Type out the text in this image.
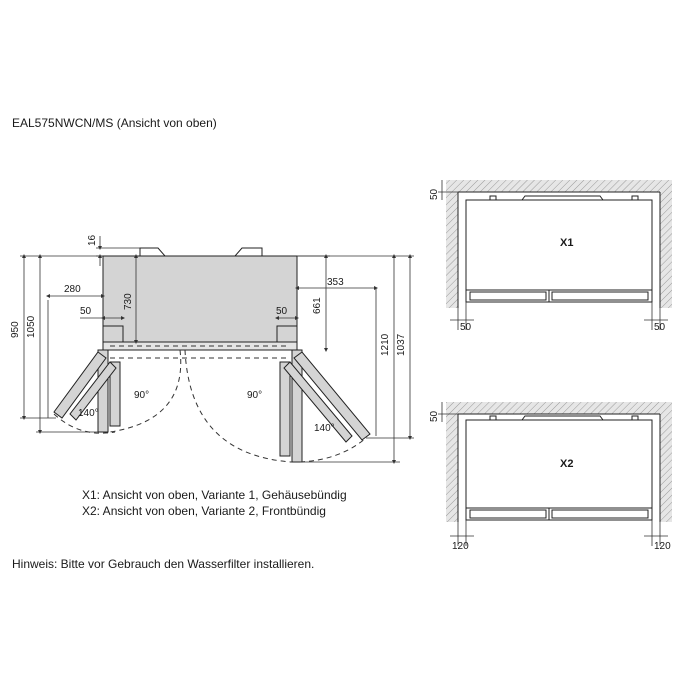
EAL575NWCN/MS (Ansicht von oben)
X1: Ansicht von oben, Variante 1, Gehäusebündig
X2: Ansicht von oben, Variante 2, Frontbündig
Hinweis: Bitte vor Gebrauch den Wasserfilter installieren.
90°	90°
140°
140°
16
950 1050
280
730
50	50 661
353
1210 1037
X1
50
50	50
X2
50
120	120
